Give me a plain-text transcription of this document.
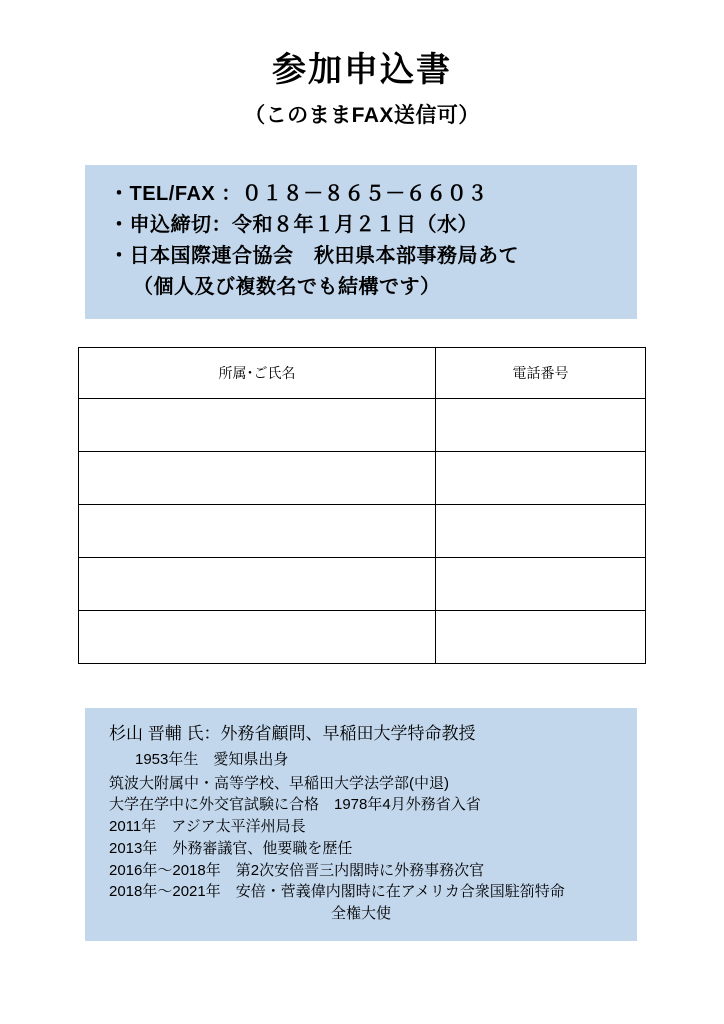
参加申込書

（このままFAX送信可）

・TEL/FAX ：０１８－８６５－６６０３
・申込締切：令和８年１月２１日（水）
・日本国際連合協会　秋田県本部事務局あて
（個人及び複数名でも結構です）
所属･ご氏名	電話番号

杉山 晋輔 氏：外務省顧問、早稲田大学特命教授
1953年生　愛知県出身
筑波大附属中・高等学校、早稲田大学法学部(中退)
大学在学中に外交官試験に合格　1978年4月外務省入省
2011年　アジア太平洋州局長
2013年　外務審議官、他要職を歴任
2016年～2018年　第2次安倍晋三内閣時に外務事務次官
2018年～2021年　安倍・菅義偉内閣時に在アメリカ合衆国駐箚特命
全権大使
